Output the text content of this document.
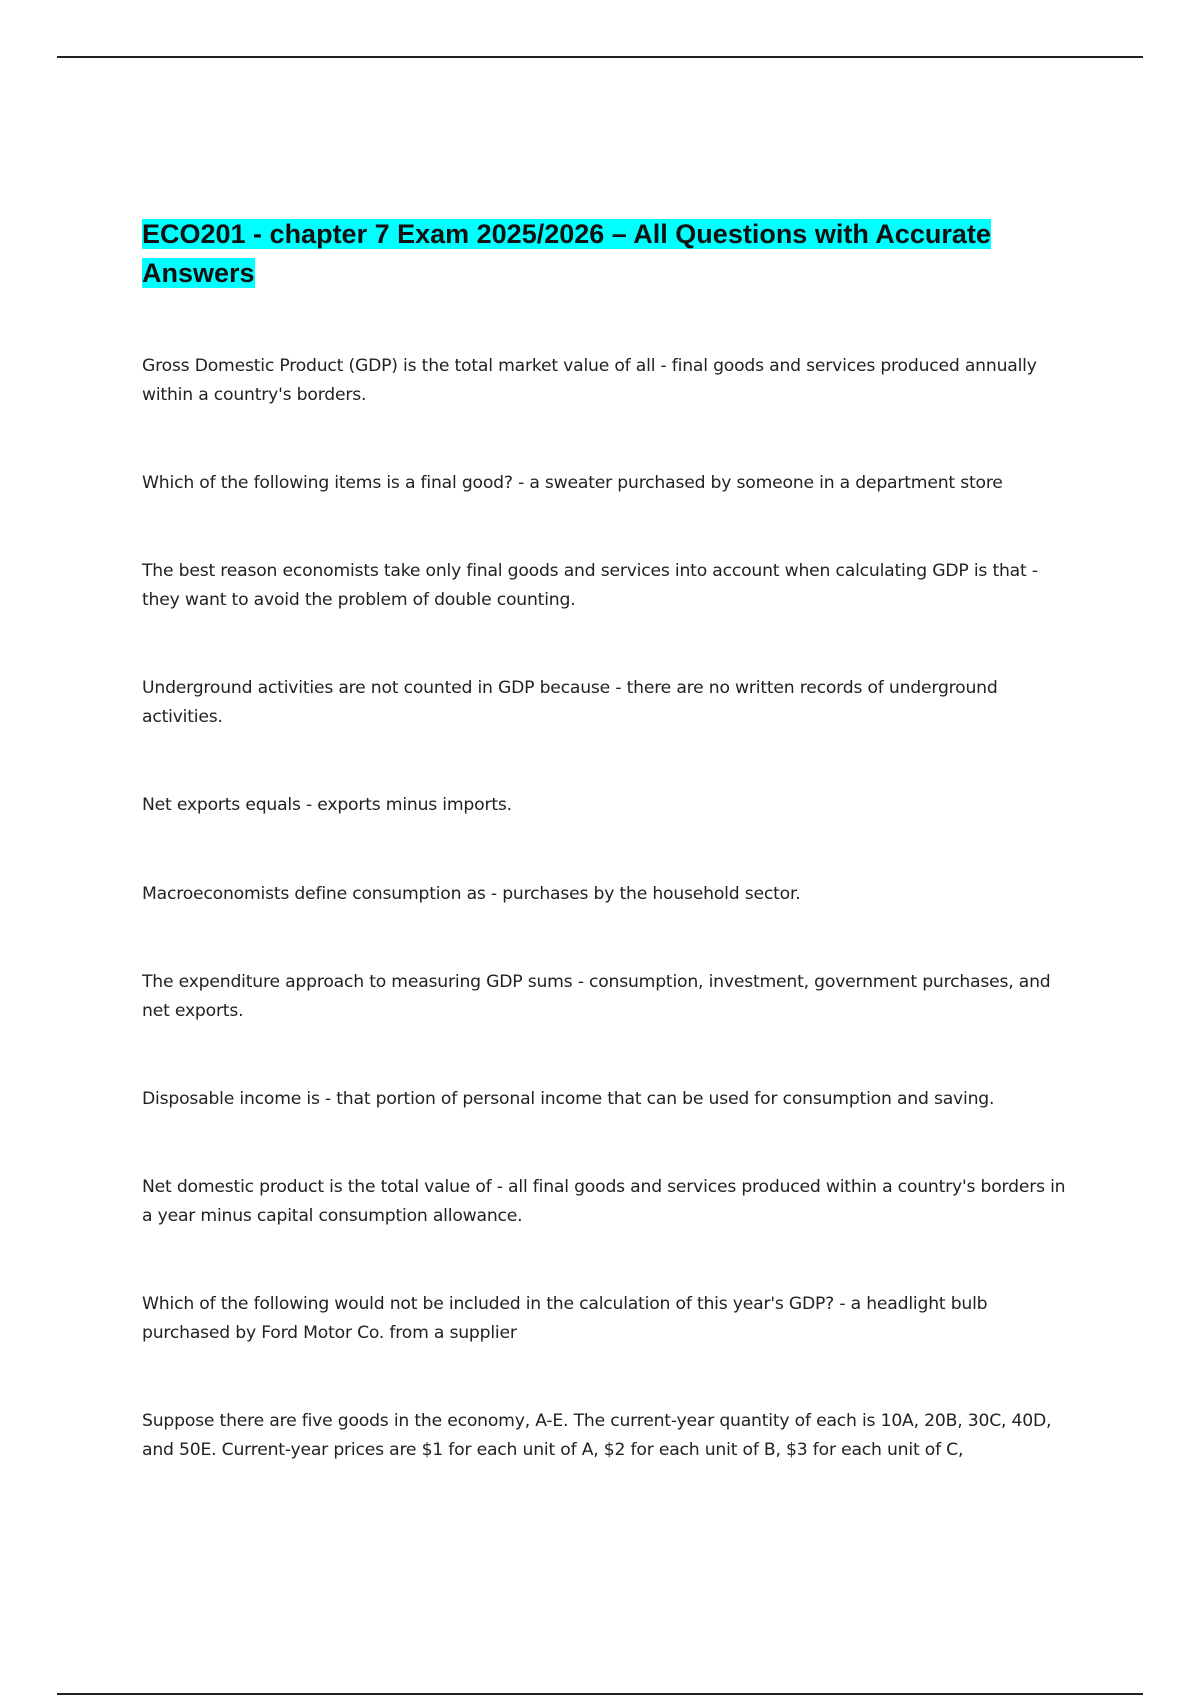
ECO201 - chapter 7 Exam 2025/2026 – All Questions with Accurate Answers

Gross Domestic Product (GDP) is the total market value of all - final goods and services produced annually within a country's borders.

Which of the following items is a final good? - a sweater purchased by someone in a department store

The best reason economists take only final goods and services into account when calculating GDP is that - they want to avoid the problem of double counting.

Underground activities are not counted in GDP because - there are no written records of underground activities.

Net exports equals - exports minus imports.

Macroeconomists define consumption as - purchases by the household sector.

The expenditure approach to measuring GDP sums - consumption, investment, government purchases, and net exports.

Disposable income is - that portion of personal income that can be used for consumption and saving.

Net domestic product is the total value of - all final goods and services produced within a country's borders in a year minus capital consumption allowance.

Which of the following would not be included in the calculation of this year's GDP? - a headlight bulb purchased by Ford Motor Co. from a supplier

Suppose there are five goods in the economy, A-E. The current-year quantity of each is 10A, 20B, 30C, 40D, and 50E. Current-year prices are $1 for each unit of A, $2 for each unit of B, $3 for each unit of C,
